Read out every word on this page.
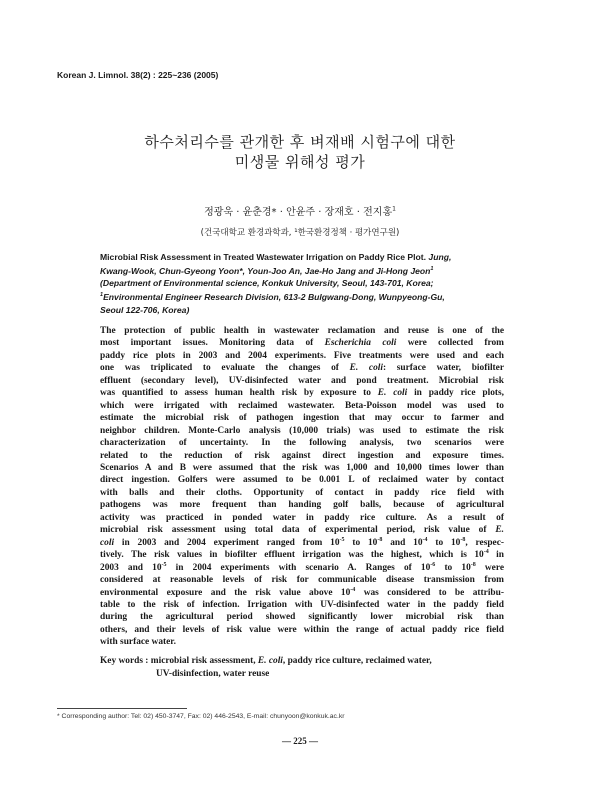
Korean J. Limnol. 38(2) : 225~236 (2005)
하수처리수를 관개한 후 벼재배 시험구에 대한
미생물 위해성 평가
정광욱 · 윤춘경* · 안윤주 · 장재호 · 전지홍$^1$
(건국대학교 환경과학과, ¹한국환경정책 · 평가연구원)
Microbial Risk Assessment in Treated Wastewater Irrigation on Paddy Rice Plot. Jung,
Kwang-Wook, Chun-Gyeong Yoon*, Youn-Joo An, Jae-Ho Jang and Ji-Hong Jeon$^1$
(Department of Environmental science, Konkuk University, Seoul, 143-701, Korea;
$^1$Environmental Engineer Research Division, 613-2 Bulgwang-Dong, Wunpyeong-Gu,
Seoul 122-706, Korea)
The protection of public health in wastewater reclamation and reuse is one of the
most important issues. Monitoring data of Escherichia coli were collected from
paddy rice plots in 2003 and 2004 experiments. Five treatments were used and each
one was triplicated to evaluate the changes of E. coli: surface water, biofilter
effluent (secondary level), UV-disinfected water and pond treatment. Microbial risk
was quantified to assess human health risk by exposure to E. coli in paddy rice plots,
which were irrigated with reclaimed wastewater. Beta-Poisson model was used to
estimate the microbial risk of pathogen ingestion that may occur to farmer and
neighbor children. Monte-Carlo analysis (10,000 trials) was used to estimate the risk
characterization of uncertainty. In the following analysis, two scenarios were
related to the reduction of risk against direct ingestion and exposure times.
Scenarios A and B were assumed that the risk was 1,000 and 10,000 times lower than
direct ingestion. Golfers were assumed to be 0.001 L of reclaimed water by contact
with balls and their cloths. Opportunity of contact in paddy rice field with
pathogens was more frequent than handing golf balls, because of agricultural
activity was practiced in ponded water in paddy rice culture. As a result of
microbial risk assessment using total data of experimental period, risk value of E.
coli in 2003 and 2004 experiment ranged from $10^{-5}$ to $10^{-8}$ and $10^{-4}$ to $10^{-8}$, respec-
tively. The risk values in biofilter effluent irrigation was the highest, which is $10^{-4}$ in
2003 and $10^{-5}$ in 2004 experiments with scenario A. Ranges of $10^{-6}$ to $10^{-8}$ were
considered at reasonable levels of risk for communicable disease transmission from
environmental exposure and the risk value above $10^{-4}$ was considered to be attribu-
table to the risk of infection. Irrigation with UV-disinfected water in the paddy field
during the agricultural period showed significantly lower microbial risk than
others, and their levels of risk value were within the range of actual paddy rice field
with surface water.
Key words : microbial risk assessment, E. coli, paddy rice culture, reclaimed water,
UV-disinfection, water reuse
* Corresponding author: Tel: 02) 450-3747, Fax: 02) 446-2543, E-mail: chunyoon@konkuk.ac.kr
— 225 —
